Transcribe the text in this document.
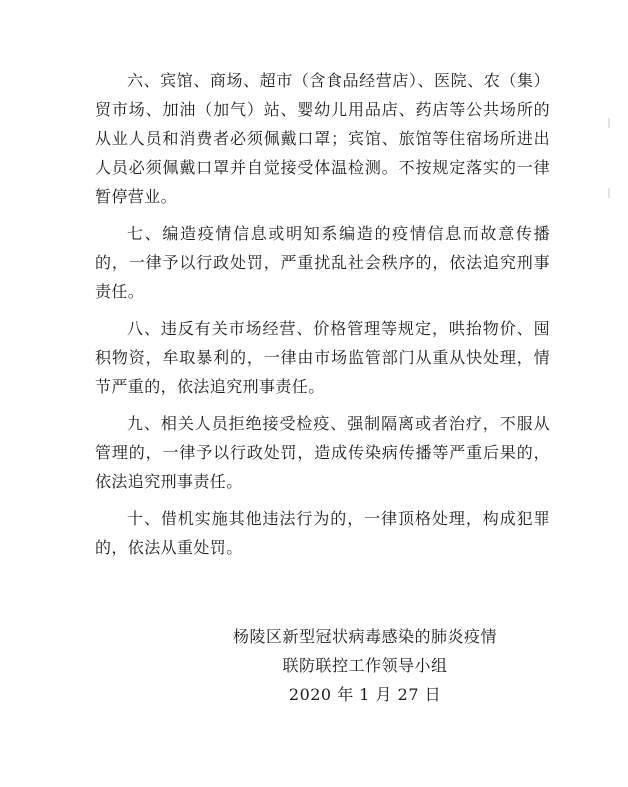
六、宾馆、商场、超市（含食品经营店）、医院、农（集）贸市场、加油（加气）站、婴幼儿用品店、药店等公共场所的从业人员和消费者必须佩戴口罩；宾馆、旅馆等住宿场所进出人员必须佩戴口罩并自觉接受体温检测。不按规定落实的一律暂停营业。

七、编造疫情信息或明知系编造的疫情信息而故意传播的，一律予以行政处罚，严重扰乱社会秩序的，依法追究刑事责任。

八、违反有关市场经营、价格管理等规定，哄抬物价、囤积物资，牟取暴利的，一律由市场监管部门从重从快处理，情节严重的，依法追究刑事责任。

九、相关人员拒绝接受检疫、强制隔离或者治疗，不服从管理的，一律予以行政处罚，造成传染病传播等严重后果的，依法追究刑事责任。

十、借机实施其他违法行为的，一律顶格处理，构成犯罪的，依法从重处罚。

杨陵区新型冠状病毒感染的肺炎疫情
联防联控工作领导小组
2020 年 1 月 27 日
